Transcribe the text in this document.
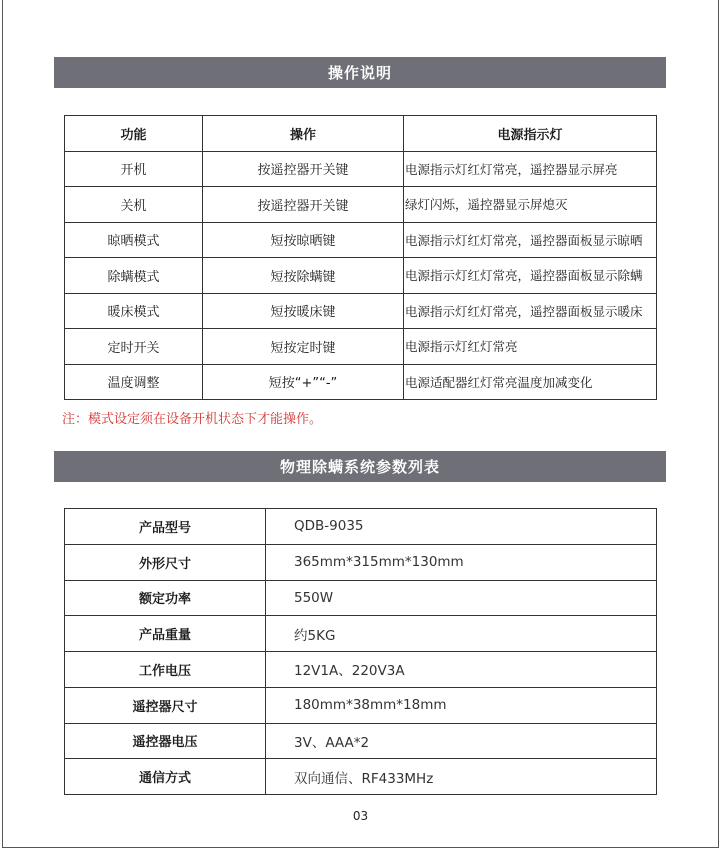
操作说明
功能	操作	电源指示灯
开机	按遥控器开关键	电源指示灯红灯常亮，遥控器显示屏亮
关机	按遥控器开关键	绿灯闪烁，遥控器显示屏熄灭
晾晒模式	短按晾晒键	电源指示灯红灯常亮，遥控器面板显示晾晒
除螨模式	短按除螨键	电源指示灯红灯常亮，遥控器面板显示除螨
暖床模式	短按暖床键	电源指示灯红灯常亮，遥控器面板显示暖床
定时开关	短按定时键	电源指示灯红灯常亮
温度调整	短按“+”“-”	电源适配器红灯常亮温度加减变化
注：模式设定须在设备开机状态下才能操作。
物理除螨系统参数列表
产品型号	QDB-9035
外形尺寸	365mm*315mm*130mm
额定功率	550W
产品重量	约5KG
工作电压	12V1A、220V3A
遥控器尺寸	180mm*38mm*18mm
遥控器电压	3V、AAA*2
通信方式	双向通信、RF433MHz
03
